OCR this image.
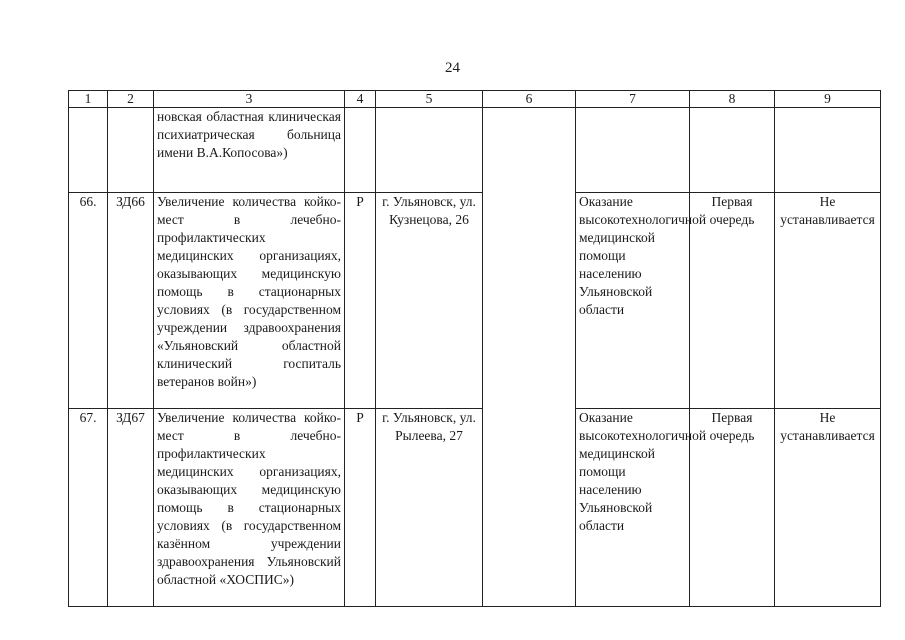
24
1	2	3	4	5	6	7	8	9
		новская областная клиническая психиатрическая больница имени В.А.Копосова»)						
66.	ЗД66	Увеличение количества койко-мест в лечебно-профилактических медицинских организациях, оказывающих медицинскую помощь в стационарных условиях (в государственном учреждении здравоохранения «Ульяновский областной клинический госпиталь ветеранов войн»)	Р	г. Ульяновск, ул. Кузнецова, 26		Оказание высокотехнологичной медицинской помощи населению Ульяновской области	Первая очередь	Не устанавливается
67.	ЗД67	Увеличение количества койко-мест в лечебно-профилактических медицинских организациях, оказывающих медицинскую помощь в стационарных условиях (в государственном казённом учреждении здравоохранения Ульяновский областной «ХОСПИС»)	Р	г. Ульяновск, ул. Рылеева, 27		Оказание высокотехнологичной медицинской помощи населению Ульяновской области	Первая очередь	Не устанавливается
